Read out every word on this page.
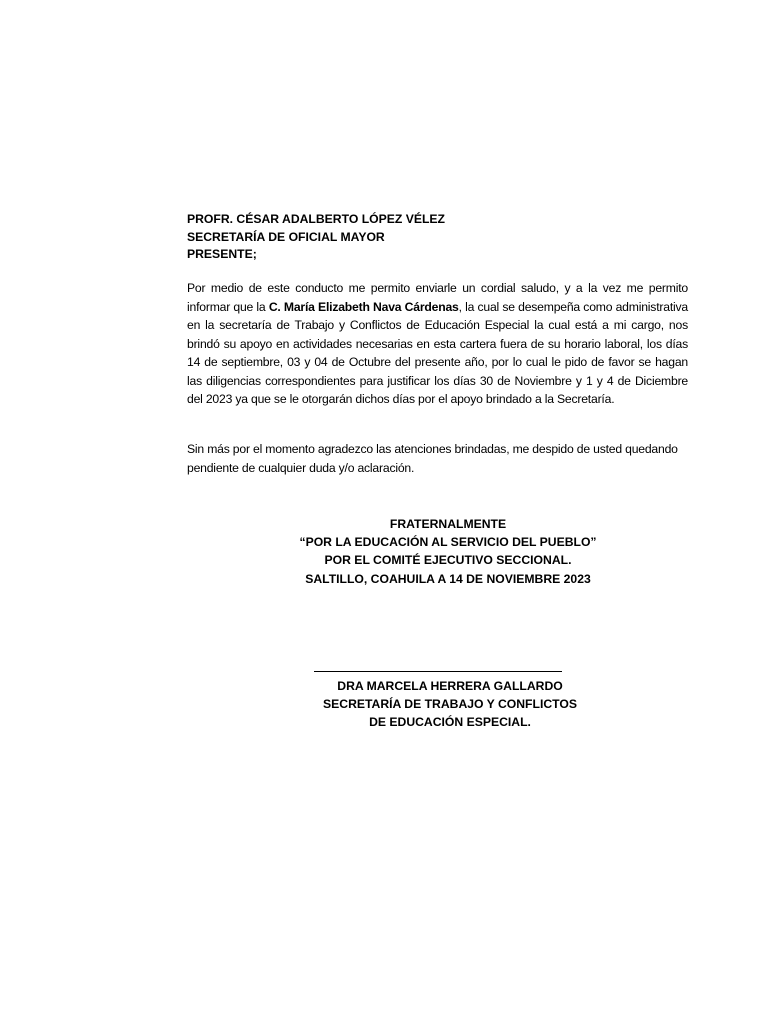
PROFR. CÉSAR ADALBERTO LÓPEZ VÉLEZ
SECRETARÍA DE OFICIAL MAYOR
PRESENTE;

Por medio de este conducto me permito enviarle un cordial saludo, y a la vez me permito informar que la C. María Elizabeth Nava Cárdenas, la cual se desempeña como administrativa en la secretaría de Trabajo y Conflictos de Educación Especial la cual está a mi cargo, nos brindó su apoyo en actividades necesarias en esta cartera fuera de su horario laboral, los días 14 de septiembre, 03 y 04 de Octubre del presente año, por lo cual le pido de favor se hagan las diligencias correspondientes para justificar los días 30 de Noviembre y 1 y 4 de Diciembre del 2023 ya que se le otorgarán dichos días por el apoyo brindado a la Secretaría.

Sin más por el momento agradezco las atenciones brindadas, me despido de usted quedando pendiente de cualquier duda y/o aclaración.

FRATERNALMENTE
“POR LA EDUCACIÓN AL SERVICIO DEL PUEBLO”
POR EL COMITÉ EJECUTIVO SECCIONAL.
SALTILLO, COAHUILA A 14 DE NOVIEMBRE 2023
DRA MARCELA HERRERA GALLARDO
SECRETARÍA DE TRABAJO Y CONFLICTOS
DE EDUCACIÓN ESPECIAL.
